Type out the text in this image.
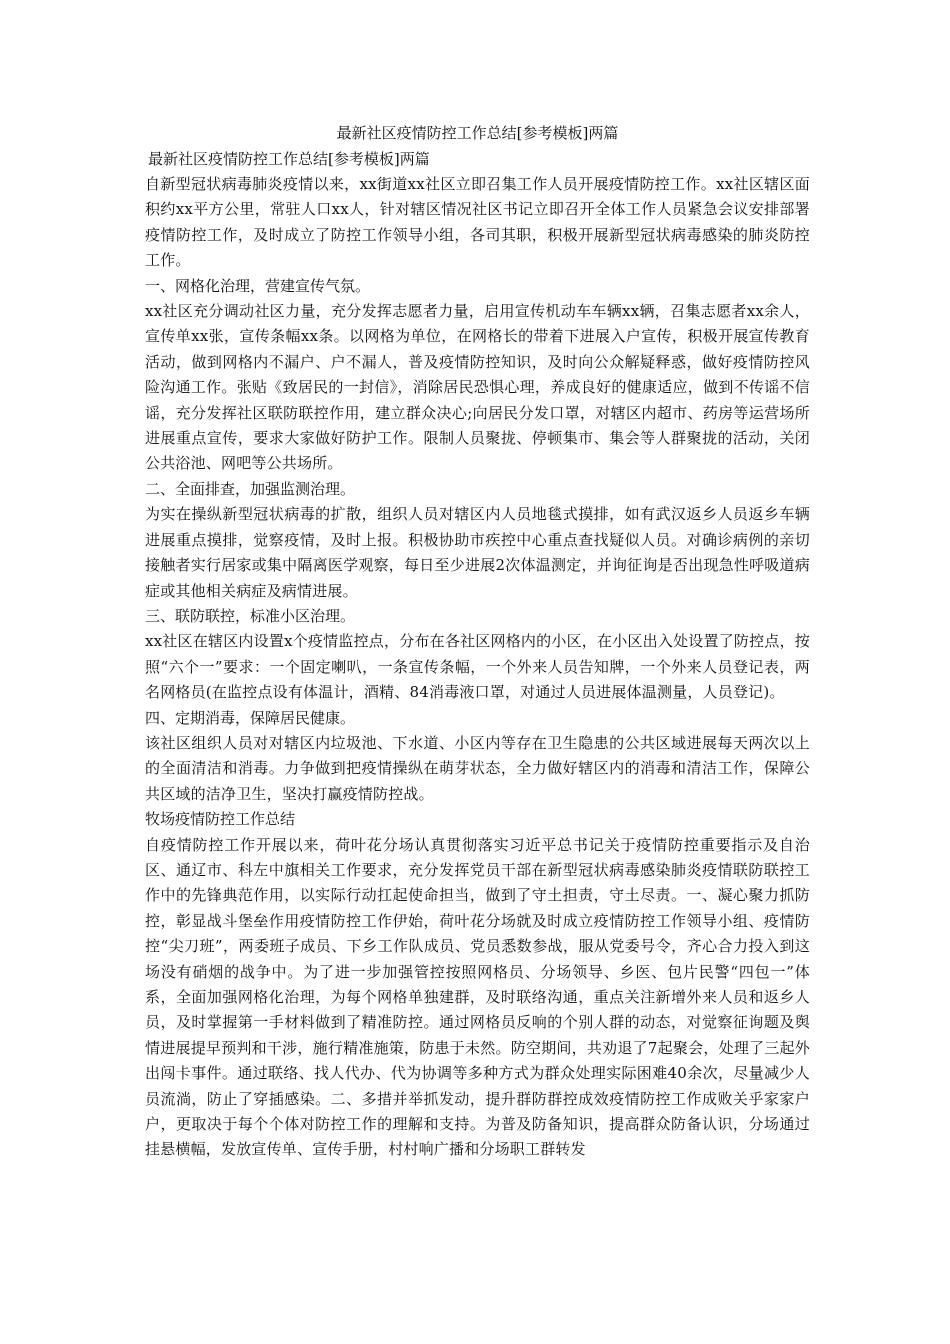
最新社区疫情防控工作总结[参考模板]两篇

最新社区疫情防控工作总结[参考模板]两篇

自新型冠状病毒肺炎疫情以来，xx街道xx社区立即召集工作人员开展疫情防控工作。xx社区辖区面积约xx平方公里，常驻人口xx人，针对辖区情况社区书记立即召开全体工作人员紧急会议安排部署疫情防控工作，及时成立了防控工作领导小组，各司其职，积极开展新型冠状病毒感染的肺炎防控工作。

一、网格化治理，营建宣传气氛。

xx社区充分调动社区力量，充分发挥志愿者力量，启用宣传机动车车辆xx辆，召集志愿者xx余人，宣传单xx张，宣传条幅xx条。以网格为单位，在网格长的带着下进展入户宣传，积极开展宣传教育活动，做到网格内不漏户、户不漏人，普及疫情防控知识，及时向公众解疑释惑，做好疫情防控风险沟通工作。张贴《致居民的一封信》，消除居民恐惧心理，养成良好的健康适应，做到不传谣不信谣，充分发挥社区联防联控作用，建立群众决心;向居民分发口罩，对辖区内超市、药房等运营场所进展重点宣传，要求大家做好防护工作。限制人员聚拢、停顿集市、集会等人群聚拢的活动，关闭公共浴池、网吧等公共场所。

二、全面排查，加强监测治理。

为实在操纵新型冠状病毒的扩散，组织人员对辖区内人员地毯式摸排，如有武汉返乡人员返乡车辆进展重点摸排，觉察疫情，及时上报。积极协助市疾控中心重点查找疑似人员。对确诊病例的亲切接触者实行居家或集中隔离医学观察，每日至少进展2次体温测定，并询征询是否出现急性呼吸道病症或其他相关病症及病情进展。

三、联防联控，标准小区治理。

xx社区在辖区内设置x个疫情监控点，分布在各社区网格内的小区，在小区出入处设置了防控点，按照“六个一”要求：一个固定喇叭，一条宣传条幅，一个外来人员告知牌，一个外来人员登记表，两名网格员(在监控点设有体温计，酒精、84消毒液口罩，对通过人员进展体温测量，人员登记)。

四、定期消毒，保障居民健康。

该社区组织人员对对辖区内垃圾池、下水道、小区内等存在卫生隐患的公共区域进展每天两次以上的全面清洁和消毒。力争做到把疫情操纵在萌芽状态，全力做好辖区内的消毒和清洁工作，保障公共区域的洁净卫生，坚决打赢疫情防控战。

牧场疫情防控工作总结

自疫情防控工作开展以来，荷叶花分场认真贯彻落实习近平总书记关于疫情防控重要指示及自治区、通辽市、科左中旗相关工作要求，充分发挥党员干部在新型冠状病毒感染肺炎疫情联防联控工作中的先锋典范作用，以实际行动扛起使命担当，做到了守土担责，守土尽责。一、凝心聚力抓防控，彰显战斗堡垒作用疫情防控工作伊始，荷叶花分场就及时成立疫情防控工作领导小组、疫情防控“尖刀班”，两委班子成员、下乡工作队成员、党员悉数参战，服从党委号令，齐心合力投入到这场没有硝烟的战争中。为了进一步加强管控按照网格员、分场领导、乡医、包片民警“四包一”体系，全面加强网格化治理，为每个网格单独建群，及时联络沟通，重点关注新增外来人员和返乡人员，及时掌握第一手材料做到了精准防控。通过网格员反响的个别人群的动态，对觉察征询题及舆情进展提早预判和干涉，施行精准施策，防患于未然。防空期间，共劝退了7起聚会，处理了三起外出闯卡事件。通过联络、找人代办、代为协调等多种方式为群众处理实际困难40余次，尽量减少人员流淌，防止了穿插感染。二、多措并举抓发动，提升群防群控成效疫情防控工作成败关乎家家户户，更取决于每个个体对防控工作的理解和支持。为普及防备知识，提高群众防备认识，分场通过挂悬横幅，发放宣传单、宣传手册，村村响广播和分场职工群转发
